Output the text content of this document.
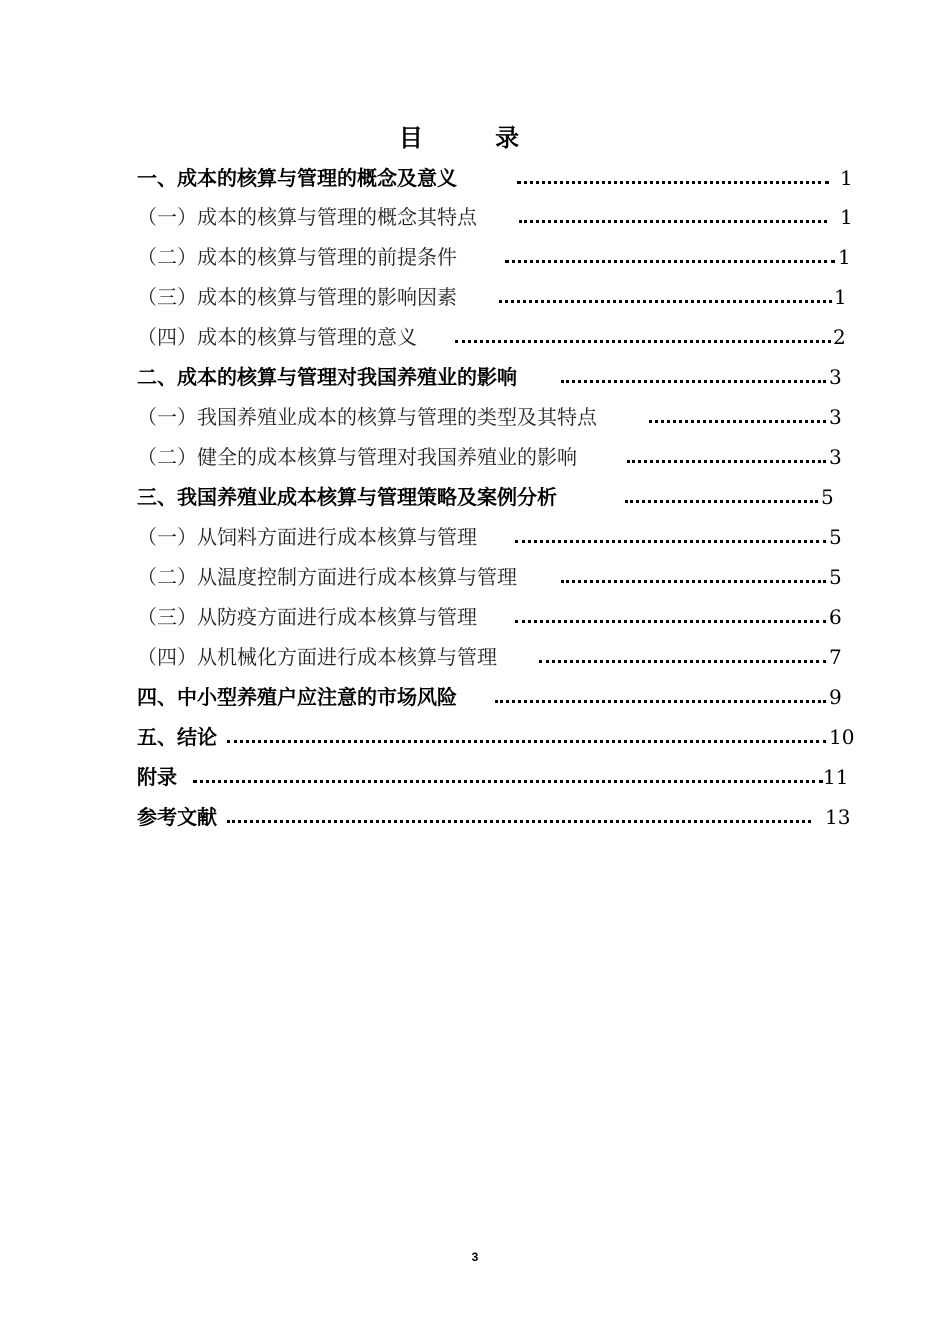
目 录
一、成本的核算与管理的概念及意义	1
（一）成本的核算与管理的概念其特点	1
（二）成本的核算与管理的前提条件	1
（三）成本的核算与管理的影响因素	1
（四）成本的核算与管理的意义	2
二、成本的核算与管理对我国养殖业的影响	3
（一）我国养殖业成本的核算与管理的类型及其特点	3
（二）健全的成本核算与管理对我国养殖业的影响	3
三、我国养殖业成本核算与管理策略及案例分析	5
（一）从饲料方面进行成本核算与管理	5
（二）从温度控制方面进行成本核算与管理	5
（三）从防疫方面进行成本核算与管理	6
（四）从机械化方面进行成本核算与管理	7
四、中小型养殖户应注意的市场风险	9
五、结论	10
附录	11
参考文献	13
3
